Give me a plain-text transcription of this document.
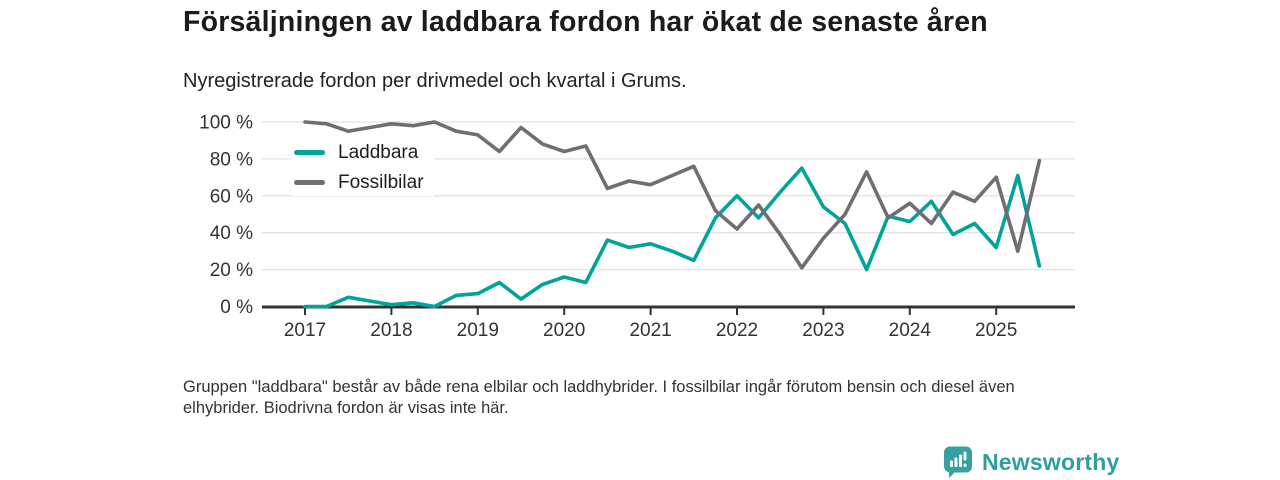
Försäljningen av laddbara fordon har ökat de senaste åren
Nyregistrerade fordon per drivmedel och kvartal i Grums.
0 %
20 %
40 %
60 %
80 %
100 %
2017 2018 2019 2020 2021 2022 2023 2024 2025
Laddbara
Fossilbilar
Gruppen "laddbara" består av både rena elbilar och laddhybrider. I fossilbilar ingår förutom bensin och diesel även elhybrider. Biodrivna fordon är visas inte här.
Newsworthy
